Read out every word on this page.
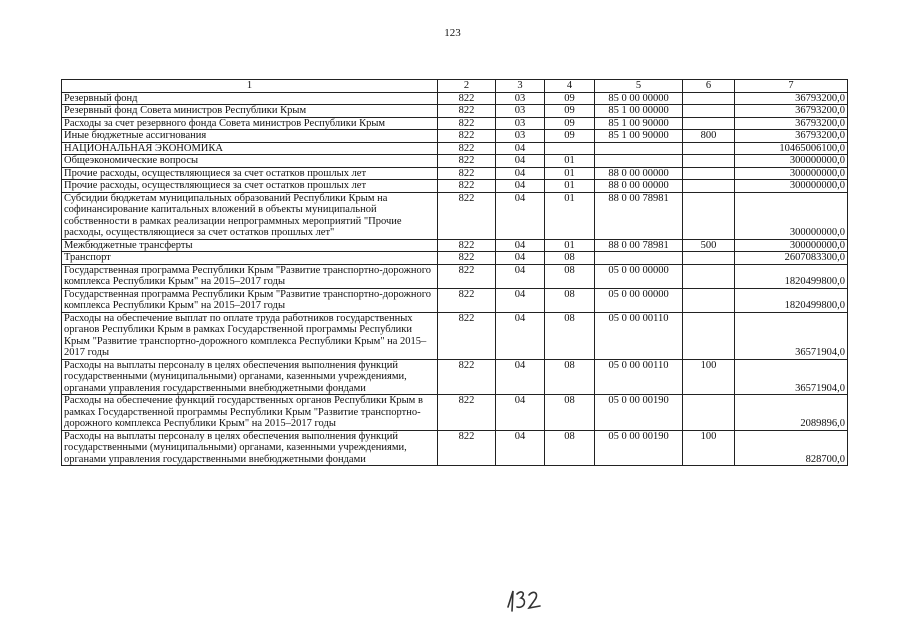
123
1	2	3	4	5	6	7
Резервный фонд	822	03	09	85 0 00 00000		36793200,0
Резервный фонд Совета министров Республики Крым	822	03	09	85 1 00 00000		36793200,0
Расходы за счет резервного фонда Совета министров Республики Крым	822	03	09	85 1 00 90000		36793200,0
Иные бюджетные ассигнования	822	03	09	85 1 00 90000	800	36793200,0
НАЦИОНАЛЬНАЯ ЭКОНОМИКА	822	04				10465006100,0
Общеэкономические вопросы	822	04	01			300000000,0
Прочие расходы, осуществляющиеся за счет остатков прошлых лет	822	04	01	88 0 00 00000		300000000,0
Прочие расходы, осуществляющиеся за счет остатков прошлых лет	822	04	01	88 0 00 00000		300000000,0
Субсидии бюджетам муниципальных образований Республики Крым на софинансирование капитальных вложений в объекты муниципальной собственности в рамках реализации непрограммных мероприятий "Прочие расходы, осуществляющиеся за счет остатков прошлых лет"	822	04	01	88 0 00 78981		300000000,0
Межбюджетные трансферты	822	04	01	88 0 00 78981	500	300000000,0
Транспорт	822	04	08			2607083300,0
Государственная программа Республики Крым "Развитие транспортно-дорожного комплекса Республики Крым" на 2015–2017 годы	822	04	08	05 0 00 00000		1820499800,0
Государственная программа Республики Крым "Развитие транспортно-дорожного комплекса Республики Крым" на 2015–2017 годы	822	04	08	05 0 00 00000		1820499800,0
Расходы на обеспечение выплат по оплате труда работников государственных органов Республики Крым в рамках Государственной программы Республики Крым "Развитие транспортно-дорожного комплекса Республики Крым" на 2015–2017 годы	822	04	08	05 0 00 00110		36571904,0
Расходы на выплаты персоналу в целях обеспечения выполнения функций государственными (муниципальными) органами, казенными учреждениями, органами управления государственными внебюджетными фондами	822	04	08	05 0 00 00110	100	36571904,0
Расходы на обеспечение функций государственных органов Республики Крым в рамках Государственной программы Республики Крым "Развитие транспортно-дорожного комплекса Республики Крым" на 2015–2017 годы	822	04	08	05 0 00 00190		2089896,0
Расходы на выплаты персоналу в целях обеспечения выполнения функций государственными (муниципальными) органами, казенными учреждениями, органами управления государственными внебюджетными фондами	822	04	08	05 0 00 00190	100	828700,0
